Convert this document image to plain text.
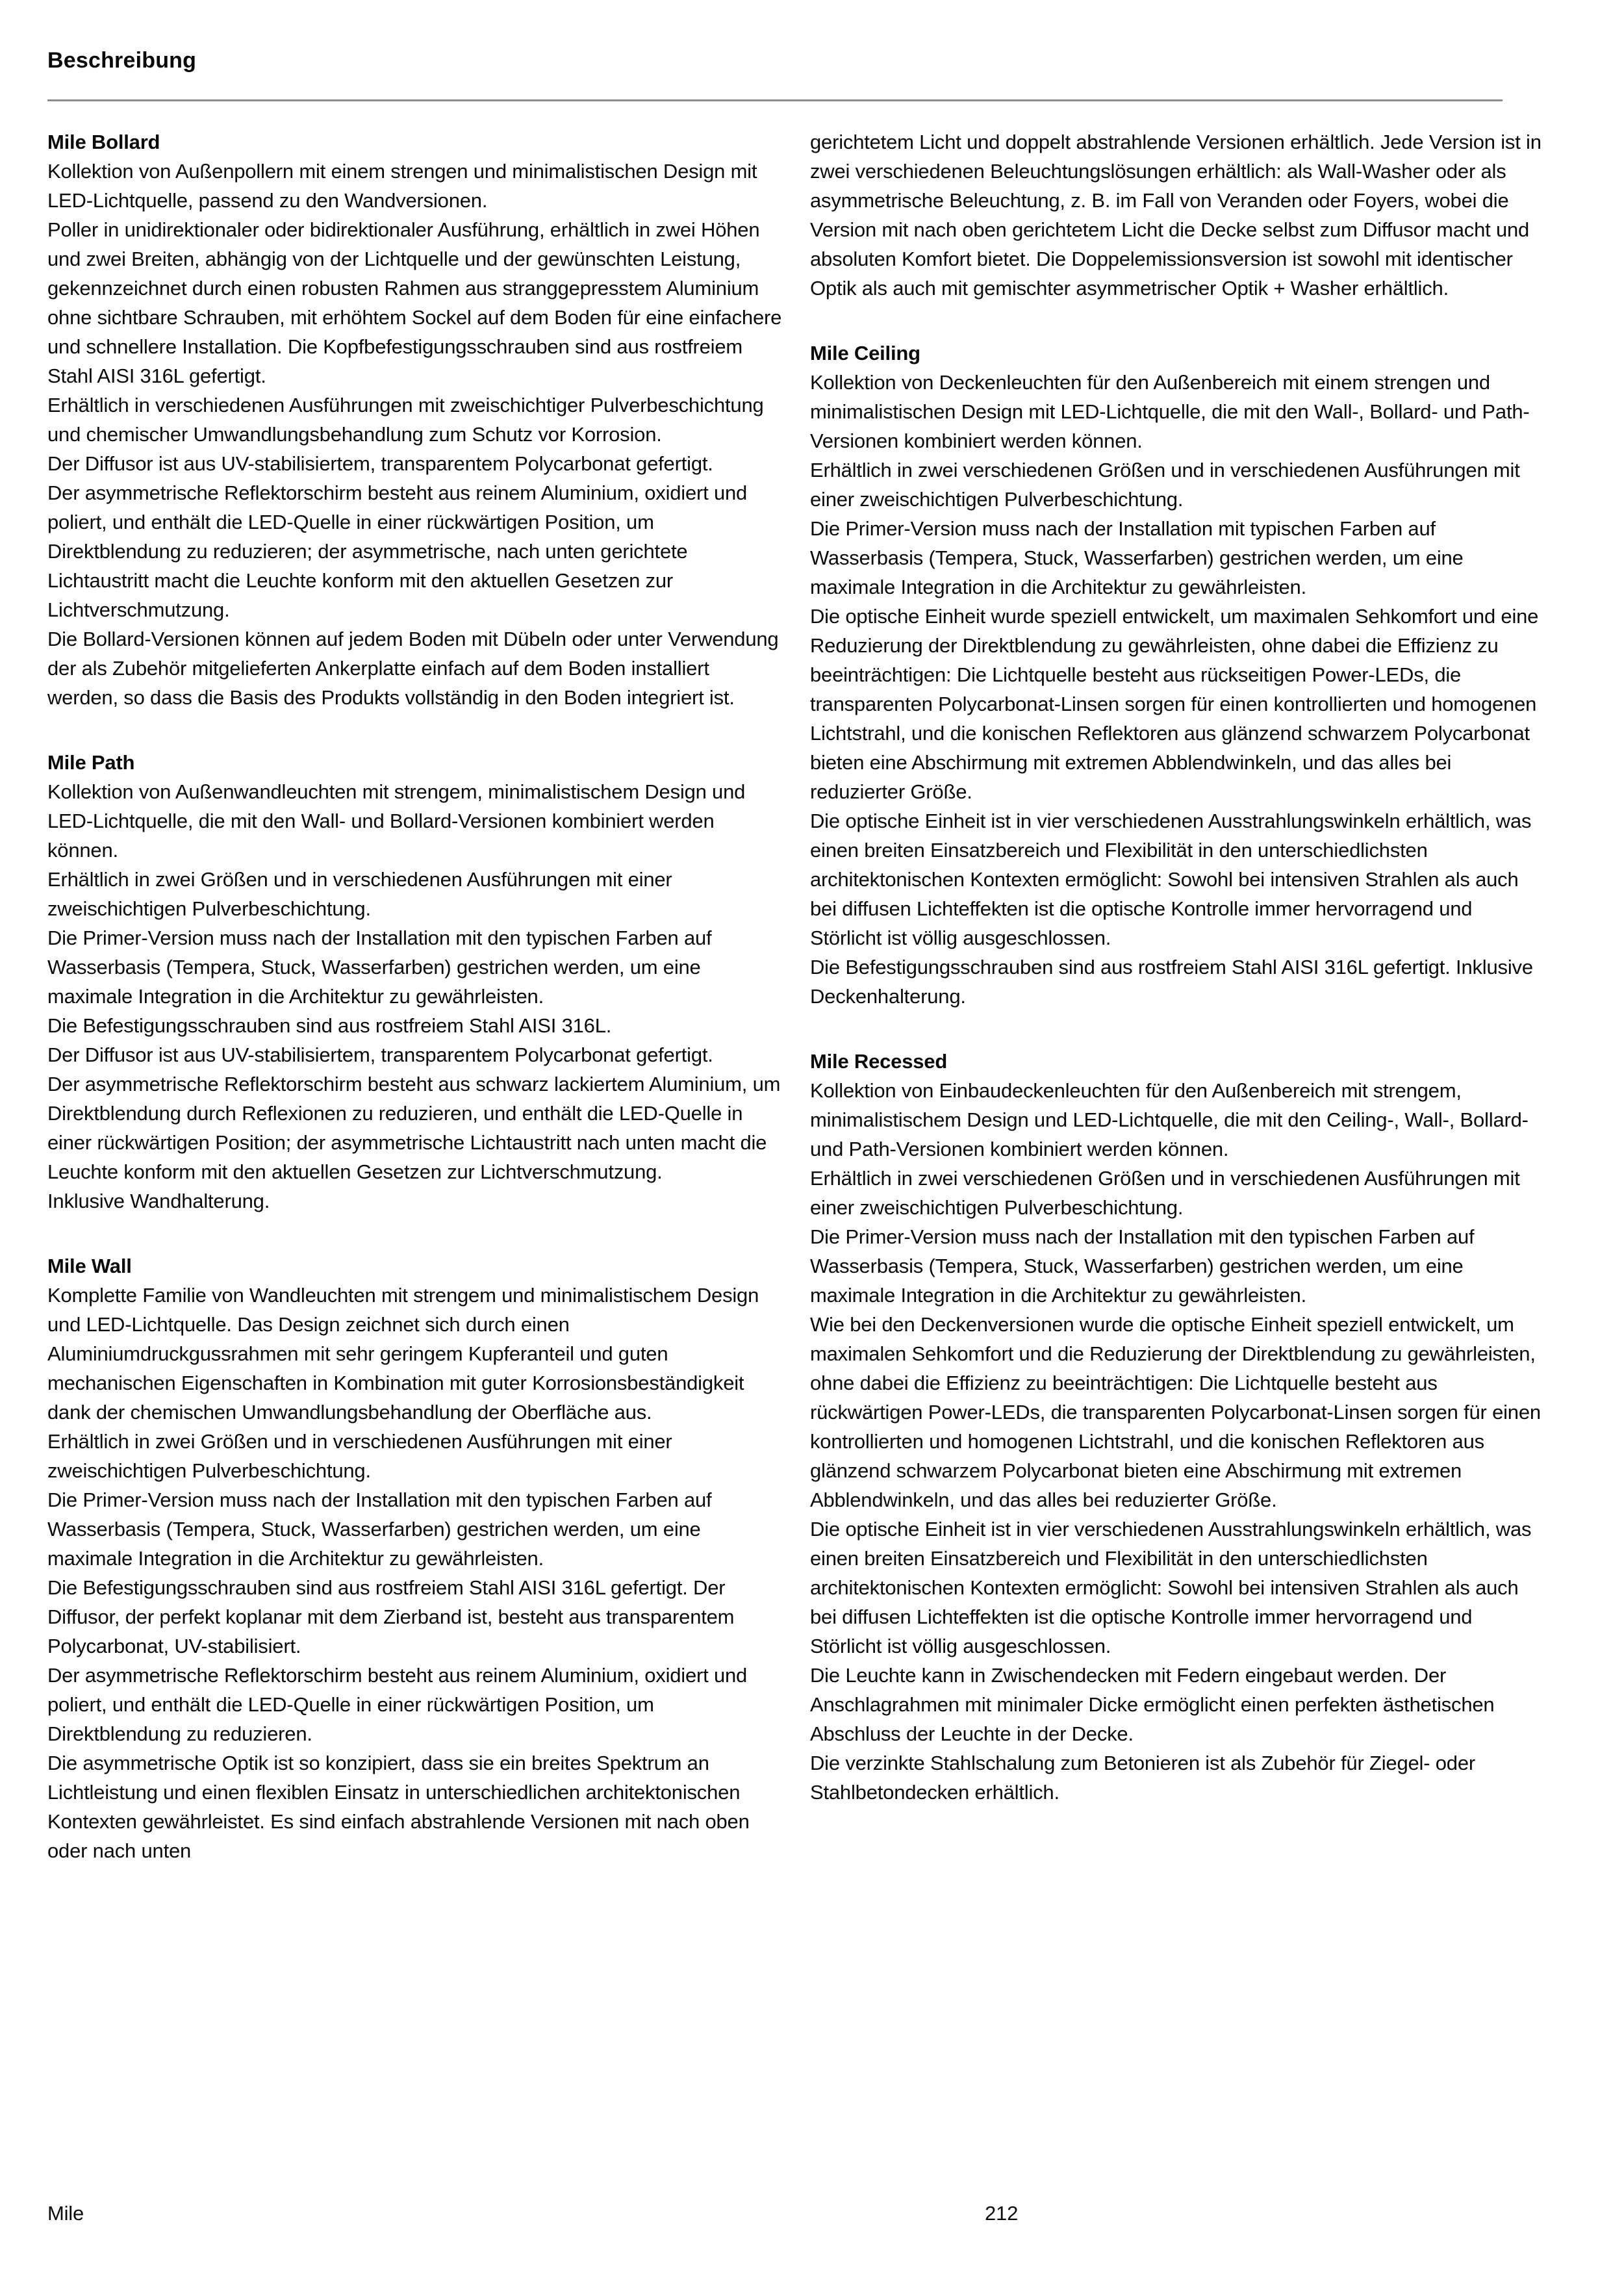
Beschreibung
Mile Bollard

Kollektion von Außenpollern mit einem strengen und minimalistischen Design mit LED-Lichtquelle, passend zu den Wandversionen.

Poller in unidirektionaler oder bidirektionaler Ausführung, erhältlich in zwei Höhen und zwei Breiten, abhängig von der Lichtquelle und der gewünschten Leistung, gekennzeichnet durch einen robusten Rahmen aus stranggepresstem Aluminium ohne sichtbare Schrauben, mit erhöhtem Sockel auf dem Boden für eine einfachere und schnellere Installation. Die Kopfbefestigungsschrauben sind aus rostfreiem Stahl AISI 316L gefertigt.

Erhältlich in verschiedenen Ausführungen mit zweischichtiger Pulverbeschichtung und chemischer Umwandlungsbehandlung zum Schutz vor Korrosion.

Der Diffusor ist aus UV-stabilisiertem, transparentem Polycarbonat gefertigt.

Der asymmetrische Reflektorschirm besteht aus reinem Aluminium, oxidiert und poliert, und enthält die LED-Quelle in einer rückwärtigen Position, um Direktblendung zu reduzieren; der asymmetrische, nach unten gerichtete Lichtaustritt macht die Leuchte konform mit den aktuellen Gesetzen zur Lichtverschmutzung.

Die Bollard-Versionen können auf jedem Boden mit Dübeln oder unter Verwendung der als Zubehör mitgelieferten Ankerplatte einfach auf dem Boden installiert werden, so dass die Basis des Produkts vollständig in den Boden integriert ist.

Mile Path

Kollektion von Außenwandleuchten mit strengem, minimalistischem Design und LED-Lichtquelle, die mit den Wall- und Bollard-Versionen kombiniert werden können.

Erhältlich in zwei Größen und in verschiedenen Ausführungen mit einer zweischichtigen Pulverbeschichtung.

Die Primer-Version muss nach der Installation mit den typischen Farben auf Wasserbasis (Tempera, Stuck, Wasserfarben) gestrichen werden, um eine maximale Integration in die Architektur zu gewährleisten.

Die Befestigungsschrauben sind aus rostfreiem Stahl AISI 316L.

Der Diffusor ist aus UV-stabilisiertem, transparentem Polycarbonat gefertigt.

Der asymmetrische Reflektorschirm besteht aus schwarz lackiertem Aluminium, um Direktblendung durch Reflexionen zu reduzieren, und enthält die LED-Quelle in einer rückwärtigen Position; der asymmetrische Lichtaustritt nach unten macht die Leuchte konform mit den aktuellen Gesetzen zur Lichtverschmutzung.

Inklusive Wandhalterung.

Mile Wall

Komplette Familie von Wandleuchten mit strengem und minimalistischem Design und LED-Lichtquelle. Das Design zeichnet sich durch einen Aluminiumdruckgussrahmen mit sehr geringem Kupferanteil und guten mechanischen Eigenschaften in Kombination mit guter Korrosionsbeständigkeit dank der chemischen Umwandlungsbehandlung der Oberfläche aus.

Erhältlich in zwei Größen und in verschiedenen Ausführungen mit einer zweischichtigen Pulverbeschichtung.

Die Primer-Version muss nach der Installation mit den typischen Farben auf Wasserbasis (Tempera, Stuck, Wasserfarben) gestrichen werden, um eine maximale Integration in die Architektur zu gewährleisten.

Die Befestigungsschrauben sind aus rostfreiem Stahl AISI 316L gefertigt. Der Diffusor, der perfekt koplanar mit dem Zierband ist, besteht aus transparentem Polycarbonat, UV-stabilisiert.

Der asymmetrische Reflektorschirm besteht aus reinem Aluminium, oxidiert und poliert, und enthält die LED-Quelle in einer rückwärtigen Position, um Direktblendung zu reduzieren.

Die asymmetrische Optik ist so konzipiert, dass sie ein breites Spektrum an Lichtleistung und einen flexiblen Einsatz in unterschiedlichen architektonischen Kontexten gewährleistet. Es sind einfach abstrahlende Versionen mit nach oben oder nach unten

gerichtetem Licht und doppelt abstrahlende Versionen erhältlich. Jede Version ist in zwei verschiedenen Beleuchtungslösungen erhältlich: als Wall-Washer oder als asymmetrische Beleuchtung, z. B. im Fall von Veranden oder Foyers, wobei die Version mit nach oben gerichtetem Licht die Decke selbst zum Diffusor macht und absoluten Komfort bietet. Die Doppelemissionsversion ist sowohl mit identischer Optik als auch mit gemischter asymmetrischer Optik + Washer erhältlich.

Mile Ceiling

Kollektion von Deckenleuchten für den Außenbereich mit einem strengen und minimalistischen Design mit LED-Lichtquelle, die mit den Wall-, Bollard- und Path-Versionen kombiniert werden können.

Erhältlich in zwei verschiedenen Größen und in verschiedenen Ausführungen mit einer zweischichtigen Pulverbeschichtung.

Die Primer-Version muss nach der Installation mit typischen Farben auf Wasserbasis (Tempera, Stuck, Wasserfarben) gestrichen werden, um eine maximale Integration in die Architektur zu gewährleisten.

Die optische Einheit wurde speziell entwickelt, um maximalen Sehkomfort und eine Reduzierung der Direktblendung zu gewährleisten, ohne dabei die Effizienz zu beeinträchtigen: Die Lichtquelle besteht aus rückseitigen Power-LEDs, die transparenten Polycarbonat-Linsen sorgen für einen kontrollierten und homogenen Lichtstrahl, und die konischen Reflektoren aus glänzend schwarzem Polycarbonat bieten eine Abschirmung mit extremen Abblendwinkeln, und das alles bei reduzierter Größe.

Die optische Einheit ist in vier verschiedenen Ausstrahlungswinkeln erhältlich, was einen breiten Einsatzbereich und Flexibilität in den unterschiedlichsten architektonischen Kontexten ermöglicht: Sowohl bei intensiven Strahlen als auch bei diffusen Lichteffekten ist die optische Kontrolle immer hervorragend und Störlicht ist völlig ausgeschlossen.

Die Befestigungsschrauben sind aus rostfreiem Stahl AISI 316L gefertigt. Inklusive Deckenhalterung.

Mile Recessed

Kollektion von Einbaudeckenleuchten für den Außenbereich mit strengem, minimalistischem Design und LED-Lichtquelle, die mit den Ceiling-, Wall-, Bollard- und Path-Versionen kombiniert werden können.

Erhältlich in zwei verschiedenen Größen und in verschiedenen Ausführungen mit einer zweischichtigen Pulverbeschichtung.

Die Primer-Version muss nach der Installation mit den typischen Farben auf Wasserbasis (Tempera, Stuck, Wasserfarben) gestrichen werden, um eine maximale Integration in die Architektur zu gewährleisten.

Wie bei den Deckenversionen wurde die optische Einheit speziell entwickelt, um maximalen Sehkomfort und die Reduzierung der Direktblendung zu gewährleisten, ohne dabei die Effizienz zu beeinträchtigen: Die Lichtquelle besteht aus rückwärtigen Power-LEDs, die transparenten Polycarbonat-Linsen sorgen für einen kontrollierten und homogenen Lichtstrahl, und die konischen Reflektoren aus glänzend schwarzem Polycarbonat bieten eine Abschirmung mit extremen Abblendwinkeln, und das alles bei reduzierter Größe.

Die optische Einheit ist in vier verschiedenen Ausstrahlungswinkeln erhältlich, was einen breiten Einsatzbereich und Flexibilität in den unterschiedlichsten architektonischen Kontexten ermöglicht: Sowohl bei intensiven Strahlen als auch bei diffusen Lichteffekten ist die optische Kontrolle immer hervorragend und Störlicht ist völlig ausgeschlossen.

Die Leuchte kann in Zwischendecken mit Federn eingebaut werden. Der Anschlagrahmen mit minimaler Dicke ermöglicht einen perfekten ästhetischen Abschluss der Leuchte in der Decke.

Die verzinkte Stahlschalung zum Betonieren ist als Zubehör für Ziegel- oder Stahlbetondecken erhältlich.

Mile	212
